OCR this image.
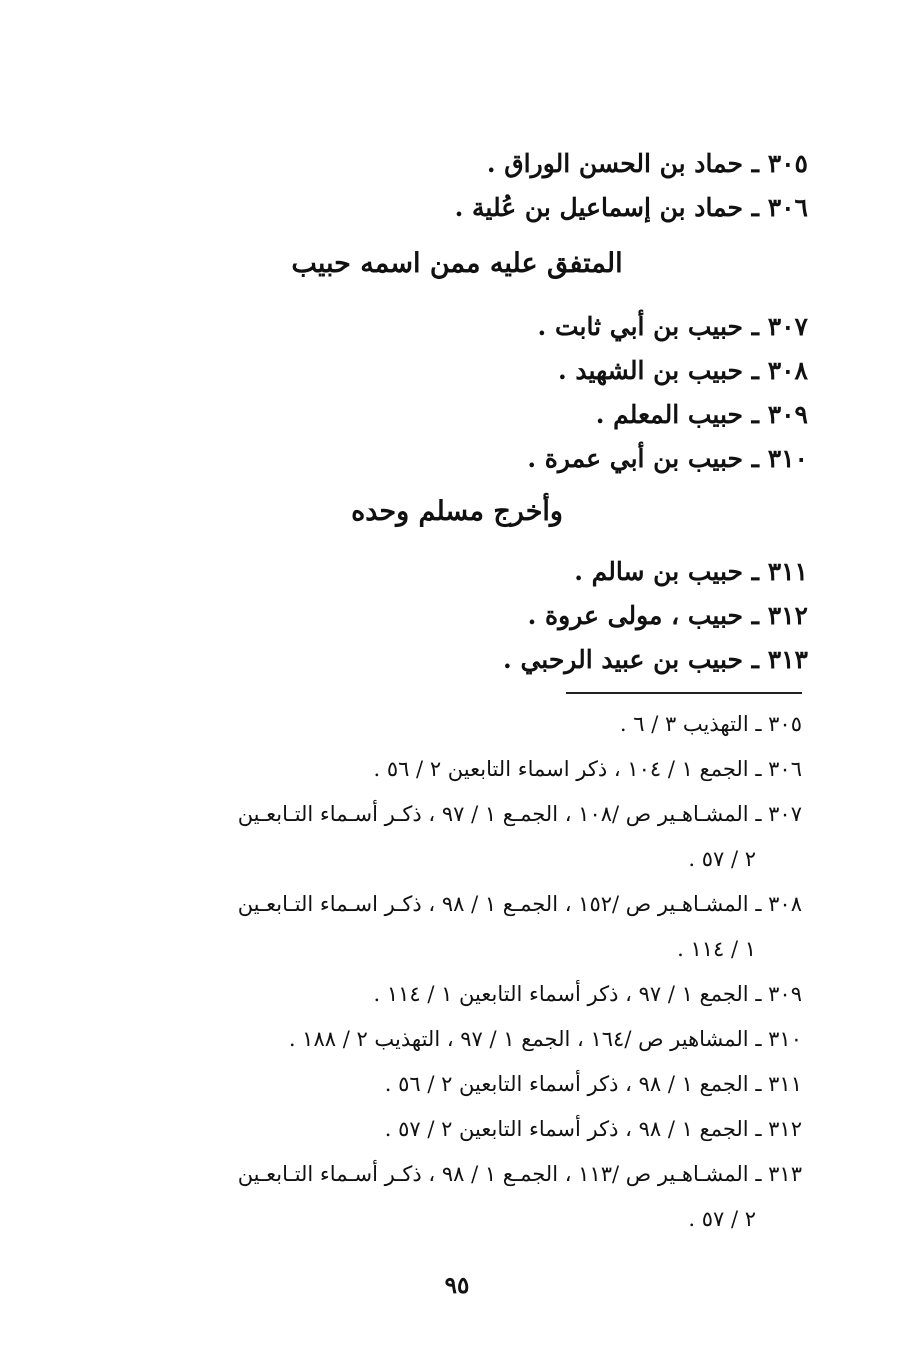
٣٠٥ ـ حماد بن الحسن الوراق .
٣٠٦ ـ حماد بن إسماعيل بن عُلية .
المتفق عليه ممن اسمه حبيب
٣٠٧ ـ حبيب بن أبي ثابت .
٣٠٨ ـ حبيب بن الشهيد .
٣٠٩ ـ حبيب المعلم .
٣١٠ ـ حبيب بن أبي عمرة .
وأخرج مسلم وحده
٣١١ ـ حبيب بن سالم .
٣١٢ ـ حبيب ، مولى عروة .
٣١٣ ـ حبيب بن عبيد الرحبي .
٣٠٥ ـ التهذيب ٣ / ٦ .
٣٠٦ ـ الجمع ١ / ١٠٤ ، ذكر اسماء التابعين ٢ / ٥٦ .
٣٠٧ ـ المشـاهـير ص /١٠٨ ، الجمـع ١ / ٩٧ ، ذكـر أسـماء التـابعـين
٢ / ٥٧ .
٣٠٨ ـ المشـاهـير ص /١٥٢ ، الجمـع ١ / ٩٨ ، ذكـر اسـماء التـابعـين
١ / ١١٤ .
٣٠٩ ـ الجمع ١ / ٩٧ ، ذكر أسماء التابعين ١ / ١١٤ .
٣١٠ ـ المشاهير ص /١٦٤ ، الجمع ١ / ٩٧ ، التهذيب ٢ / ١٨٨ .
٣١١ ـ الجمع ١ / ٩٨ ، ذكر أسماء التابعين ٢ / ٥٦ .
٣١٢ ـ الجمع ١ / ٩٨ ، ذكر أسماء التابعين ٢ / ٥٧ .
٣١٣ ـ المشـاهـير ص /١١٣ ، الجمـع ١ / ٩٨ ، ذكـر أسـماء التـابعـين
٢ / ٥٧ .
٩٥
